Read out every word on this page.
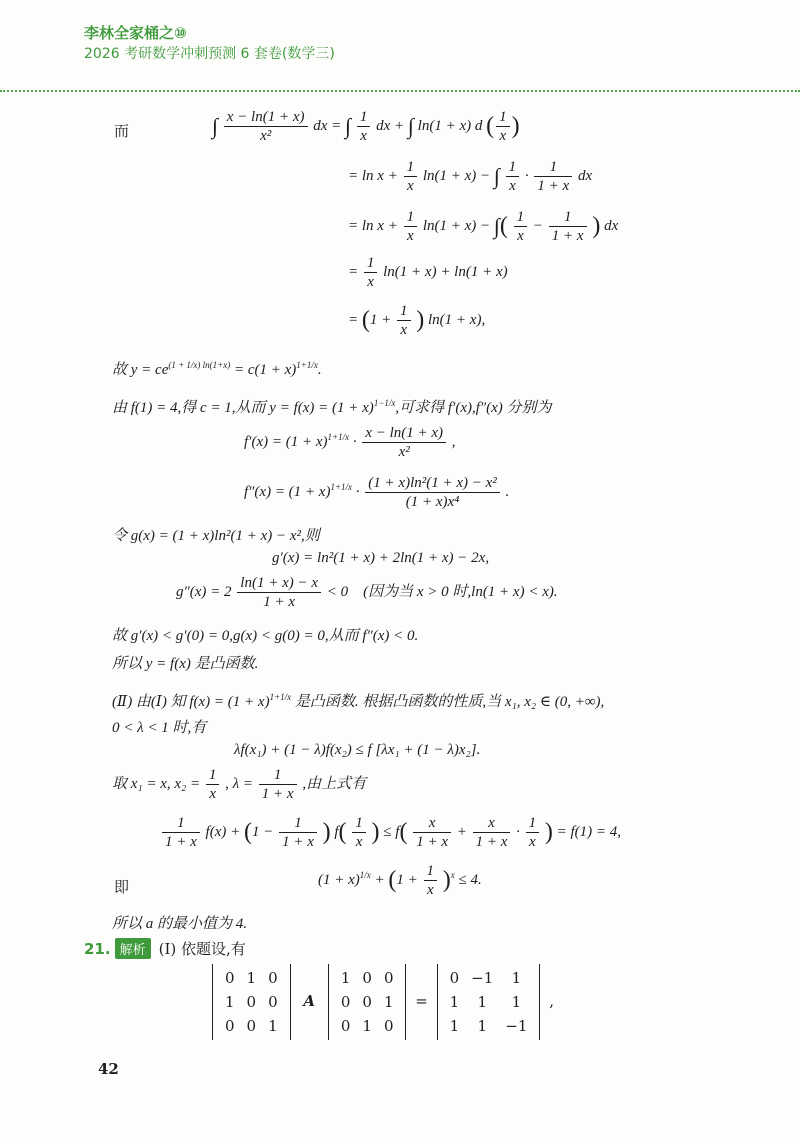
李林全家桶之⑩
2026 考研数学冲刺预测 6 套卷(数学三)
而	∫ $\frac{x - \ln(1 + x)}{\text{x²}}$ dx = ∫ $\frac{1}{x}$ dx + ∫ ln(1 + x) d ( $\frac{1}{x}$ )
= $\ln x + \frac{1}{x} \ln(1 + x)$ − ∫ $\frac{1}{x} \cdot \frac{1}{1 + x}$ dx
= $\ln x + \frac{1}{x} \ln(1 + x)$ − ∫( $\frac{1}{x} - \frac{1}{1 + x}$ ) dx
= $\frac{1}{x} \ln(1 + x) + \ln(1 + x)$
= ($1 + \frac{1}{x}$ ) ln(1 + x),
故 $y = ce^{(1 + 1/x) ln(1+x)} = c(1 + x)^{1+1/x}$.
由 f(1) = 4,得 c = 1,从而 $y = f(x) = (1 + x)^{1-1/x}$,可求得 f′(x),f″(x) 分别为
$f'(x) = (1 + x)^{1+1/x} \cdot \frac{x - \ln(1 + x)}{\text{x²}}$ ,
$f''(x) = (1 + x)^{1+1/x} \cdot \frac{\text{(1 + x)ln²(1 + x) − x²}}{\text{(1 + x)x⁴}}$ .
令 g(x) = (1 + x)ln²(1 + x) − x²,则
g′(x) = ln²(1 + x) + 2ln(1 + x) − 2x,
$g''(x) = 2 \frac{\ln(1 + x) - x}{1 + x} < 0$　(因为当 x > 0 时,ln(1 + x) < x).
故 g′(x) < g′(0) = 0,g(x) < g(0) = 0,从而 f″(x) < 0.
所以 y = f(x) 是凸函数.
(Ⅱ) 由(Ⅰ) 知 $f(x) = (1 + x)^{1+1/x}$ 是凸函数. 根据凸函数的性质,当 x₁, x₂ ∈ (0, +∞),
0 < λ < 1 时,有
λf(x₁) + (1 − λ)f(x₂) ≤ f [λx₁ + (1 − λ)x₂].
取 x₁ = x, $x_2 = \frac{1}{x}$ , $\lambda = \frac{1}{1 + x}$ ,由上式有
$\frac{1}{1 + x} f(x) + (1 - \frac{1}{1 + x}$ ) $f( \frac{1}{x}$ ) ≤ $f( \frac{x}{1 + x} + \frac{x}{1 + x} \cdot \frac{1}{x}$ ) = f(1) = 4,
即	$(1 + x)^{1/x} + (1 + \frac{1}{x} )^x \le 4$.
所以 a 的最小值为 4.
21. 解析 (Ⅰ) 依题设,有
0	1	0
1	0	0
0	0	1
A
1	0	0
0	0	1
0	1	0
=
0	−1	1
1	1	1
1	1	−1
,
42
